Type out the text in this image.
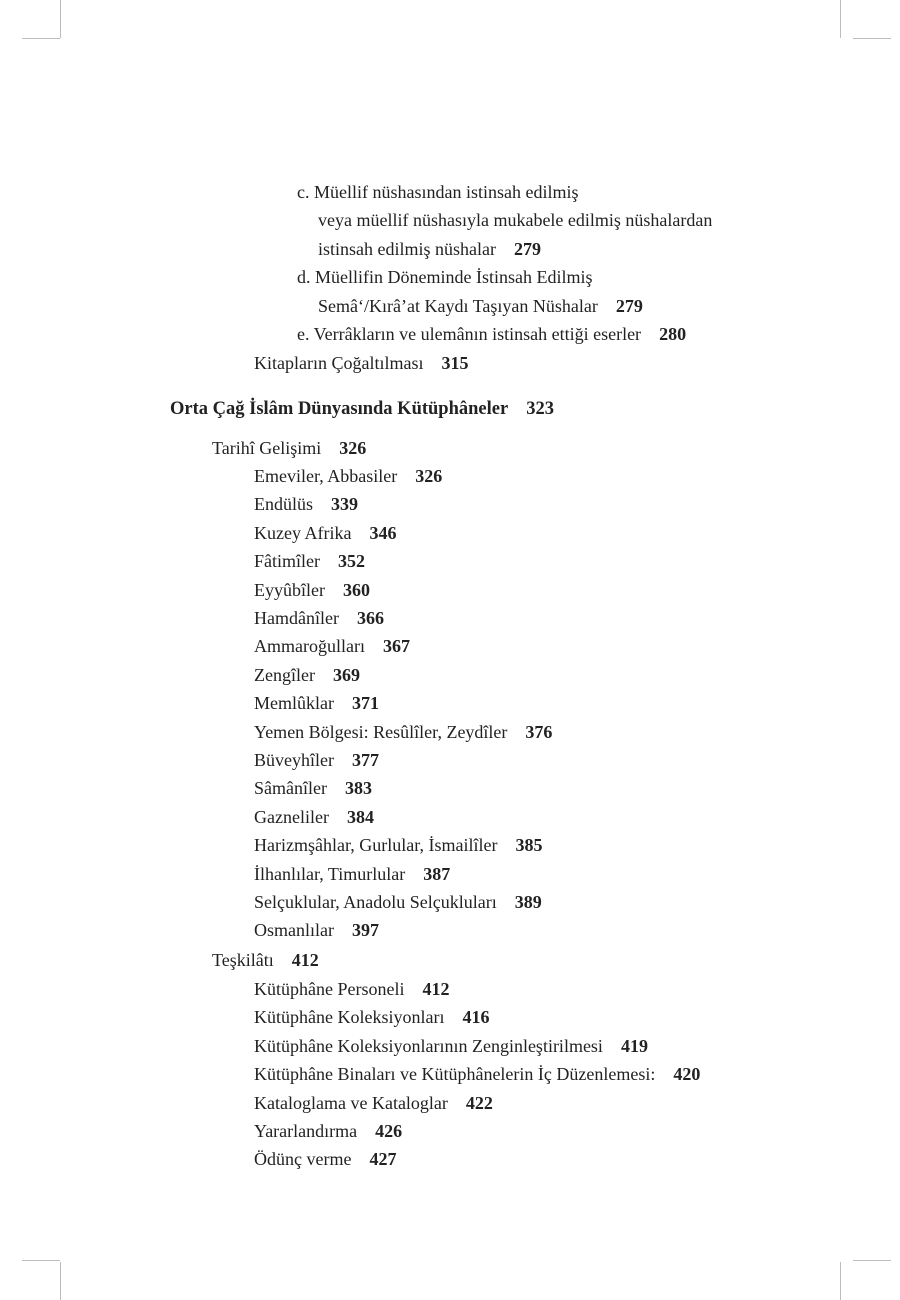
c. Müellif nüshasından istinsah edilmiş
veya müellif nüshasıyla mukabele edilmiş nüshalardan
istinsah edilmiş nüshalar 279
d. Müellifin Döneminde İstinsah Edilmiş
Semâ‘/Kırâ’at Kaydı Taşıyan Nüshalar 279
e. Verrâkların ve ulemânın istinsah ettiği eserler 280
Kitapların Çoğaltılması 315
Orta Çağ İslâm Dünyasında Kütüphâneler 323
Tarihî Gelişimi 326
Emeviler, Abbasiler 326
Endülüs 339
Kuzey Afrika 346
Fâtimîler 352
Eyyûbîler 360
Hamdânîler 366
Ammaroğulları 367
Zengîler 369
Memlûklar 371
Yemen Bölgesi: Resûlîler, Zeydîler 376
Büveyhîler 377
Sâmânîler 383
Gazneliler 384
Harizmşâhlar, Gurlular, İsmailîler 385
İlhanlılar, Timurlular 387
Selçuklular, Anadolu Selçukluları 389
Osmanlılar 397
Teşkilâtı 412
Kütüphâne Personeli 412
Kütüphâne Koleksiyonları 416
Kütüphâne Koleksiyonlarının Zenginleştirilmesi 419
Kütüphâne Binaları ve Kütüphânelerin İç Düzenlemesi: 420
Kataloglama ve Kataloglar 422
Yararlandırma 426
Ödünç verme 427
